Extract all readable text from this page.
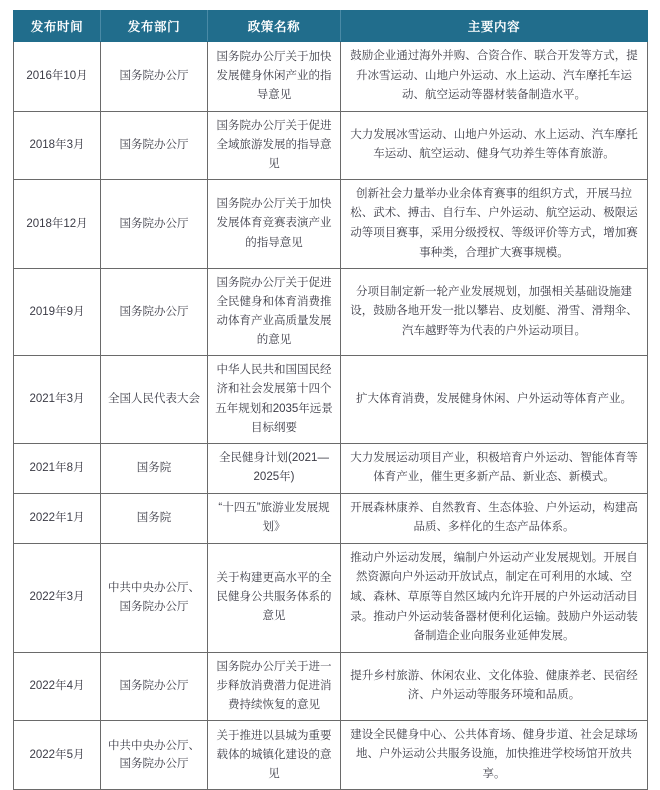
发布时间	发布部门	政策名称	主要内容
2016年10月	国务院办公厅	国务院办公厅关于加快发展健身休闲产业的指导意见	鼓励企业通过海外并购、合资合作、联合开发等方式，提升冰雪运动、山地户外运动、水上运动、汽车摩托车运动、航空运动等器材装备制造水平。
2018年3月	国务院办公厅	国务院办公厅关于促进全域旅游发展的指导意见	大力发展冰雪运动、山地户外运动、水上运动、汽车摩托车运动、航空运动、健身气功养生等体育旅游。
2018年12月	国务院办公厅	国务院办公厅关于加快发展体育竞赛表演产业的指导意见	创新社会力量举办业余体育赛事的组织方式，开展马拉松、武术、搏击、自行车、户外运动、航空运动、极限运动等项目赛事，采用分级授权、等级评价等方式，增加赛事种类，合理扩大赛事规模。
2019年9月	国务院办公厅	国务院办公厅关于促进全民健身和体育消费推动体育产业高质量发展的意见	分项目制定新一轮产业发展规划，加强相关基础设施建设，鼓励各地开发一批以攀岩、皮划艇、滑雪、滑翔伞、汽车越野等为代表的户外运动项目。
2021年3月	全国人民代表大会	中华人民共和国国民经济和社会发展第十四个五年规划和2035年远景目标纲要	扩大体育消费，发展健身休闲、户外运动等体育产业。
2021年8月	国务院	全民健身计划(2021—2025年)	大力发展运动项目产业，积极培育户外运动、智能体育等体育产业，催生更多新产品、新业态、新模式。
2022年1月	国务院	“十四五”旅游业发展规划》	开展森林康养、自然教育、生态体验、户外运动，构建高品质、多样化的生态产品体系。
2022年3月	中共中央办公厅、国务院办公厅	关于构建更高水平的全民健身公共服务体系的意见	推动户外运动发展，编制户外运动产业发展规划。开展自然资源向户外运动开放试点，制定在可利用的水域、空域、森林、草原等自然区域内允许开展的户外运动活动目录。推动户外运动装备器材便利化运输。鼓励户外运动装备制造企业向服务业延伸发展。
2022年4月	国务院办公厅	国务院办公厅关于进一步释放消费潜力促进消费持续恢复的意见	提升乡村旅游、休闲农业、文化体验、健康养老、民宿经济、户外运动等服务环境和品质。
2022年5月	中共中央办公厅、国务院办公厅	关于推进以县城为重要载体的城镇化建设的意见	建设全民健身中心、公共体育场、健身步道、社会足球场地、户外运动公共服务设施，加快推进学校场馆开放共享。
